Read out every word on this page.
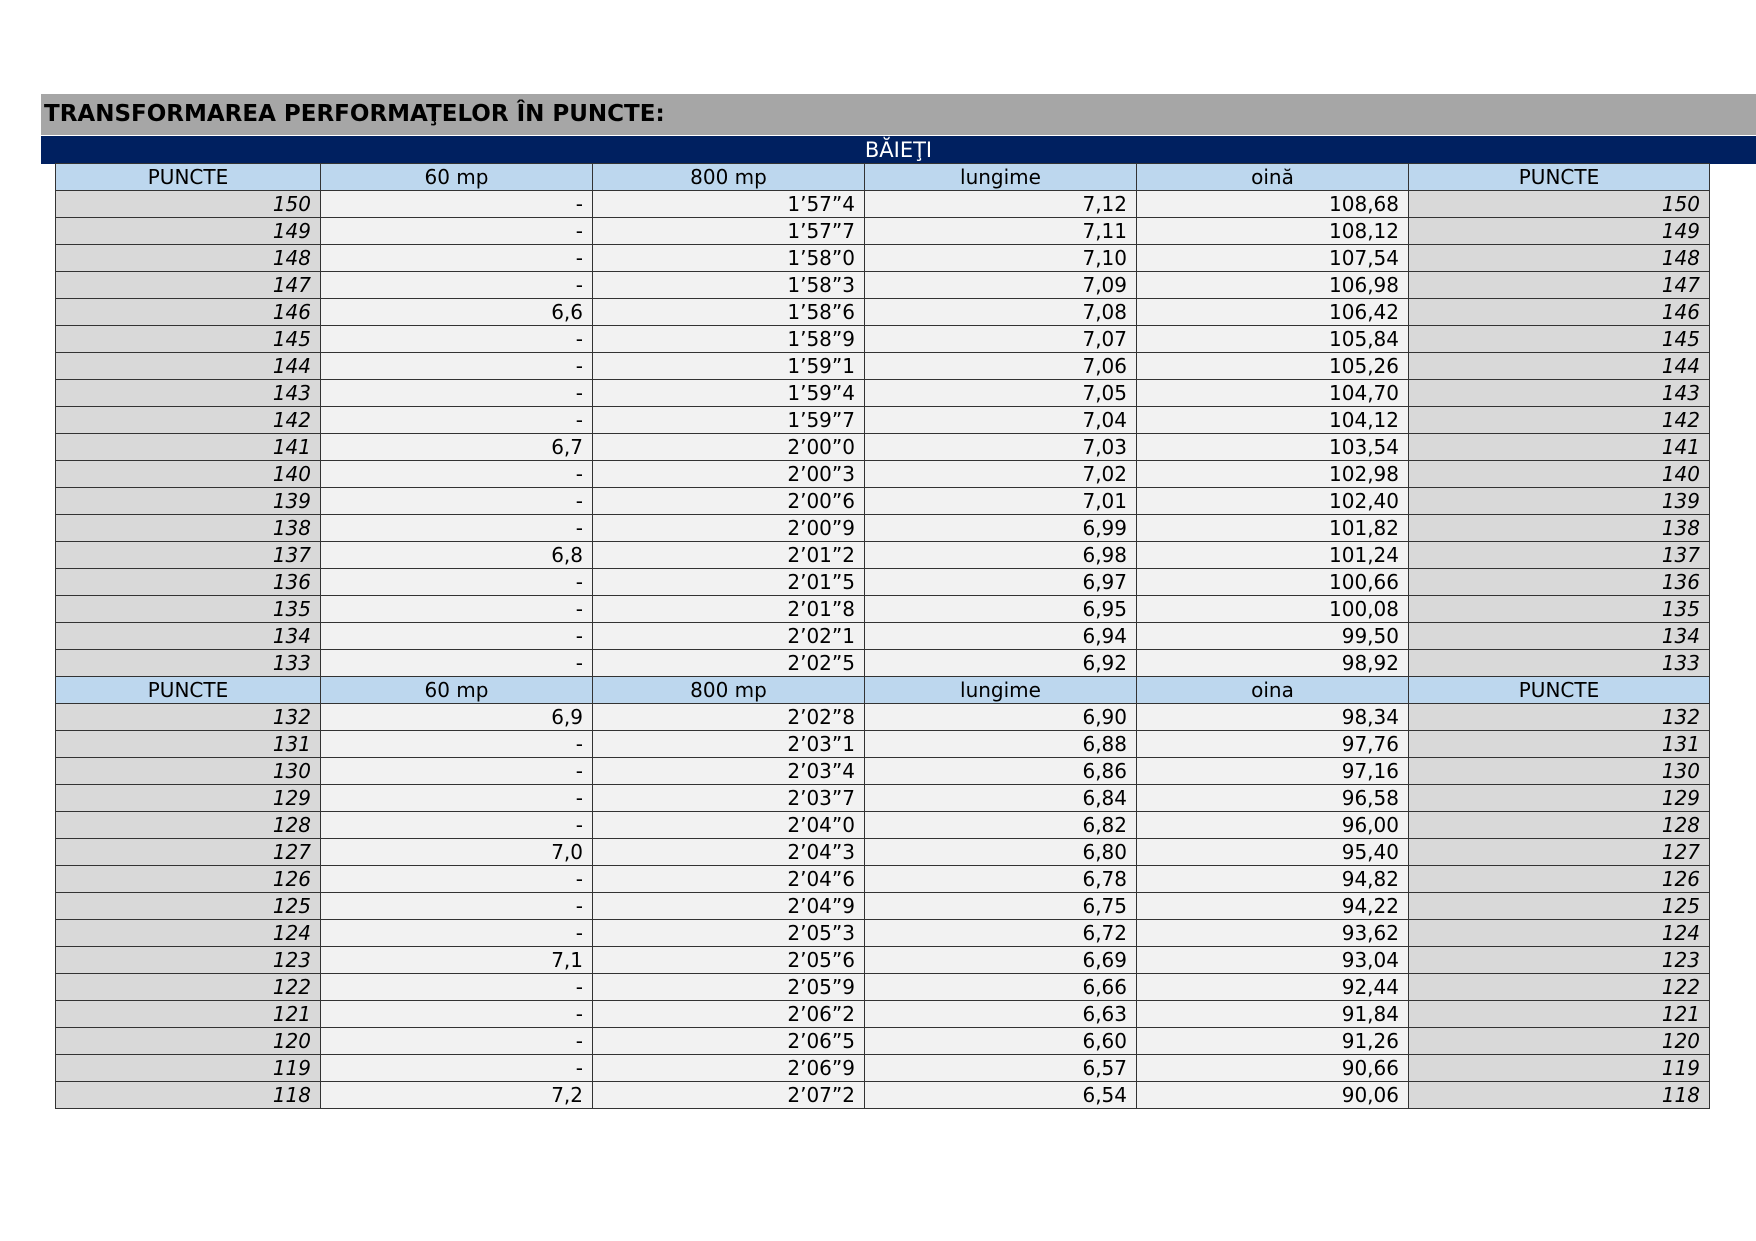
TRANSFORMAREA PERFORMAŢELOR ÎN PUNCTE:
BĂIEŢI
PUNCTE	60 mp	800 mp	lungime	oină	PUNCTE
150	-	1’57”4	7,12	108,68	150
149	-	1’57”7	7,11	108,12	149
148	-	1’58”0	7,10	107,54	148
147	-	1’58”3	7,09	106,98	147
146	6,6	1’58”6	7,08	106,42	146
145	-	1’58”9	7,07	105,84	145
144	-	1’59”1	7,06	105,26	144
143	-	1’59”4	7,05	104,70	143
142	-	1’59”7	7,04	104,12	142
141	6,7	2’00”0	7,03	103,54	141
140	-	2’00”3	7,02	102,98	140
139	-	2’00”6	7,01	102,40	139
138	-	2’00”9	6,99	101,82	138
137	6,8	2’01”2	6,98	101,24	137
136	-	2’01”5	6,97	100,66	136
135	-	2’01”8	6,95	100,08	135
134	-	2’02”1	6,94	99,50	134
133	-	2’02”5	6,92	98,92	133
PUNCTE	60 mp	800 mp	lungime	oina	PUNCTE
132	6,9	2’02”8	6,90	98,34	132
131	-	2’03”1	6,88	97,76	131
130	-	2’03”4	6,86	97,16	130
129	-	2’03”7	6,84	96,58	129
128	-	2’04”0	6,82	96,00	128
127	7,0	2’04”3	6,80	95,40	127
126	-	2’04”6	6,78	94,82	126
125	-	2’04”9	6,75	94,22	125
124	-	2’05”3	6,72	93,62	124
123	7,1	2’05”6	6,69	93,04	123
122	-	2’05”9	6,66	92,44	122
121	-	2’06”2	6,63	91,84	121
120	-	2’06”5	6,60	91,26	120
119	-	2’06”9	6,57	90,66	119
118	7,2	2’07”2	6,54	90,06	118
